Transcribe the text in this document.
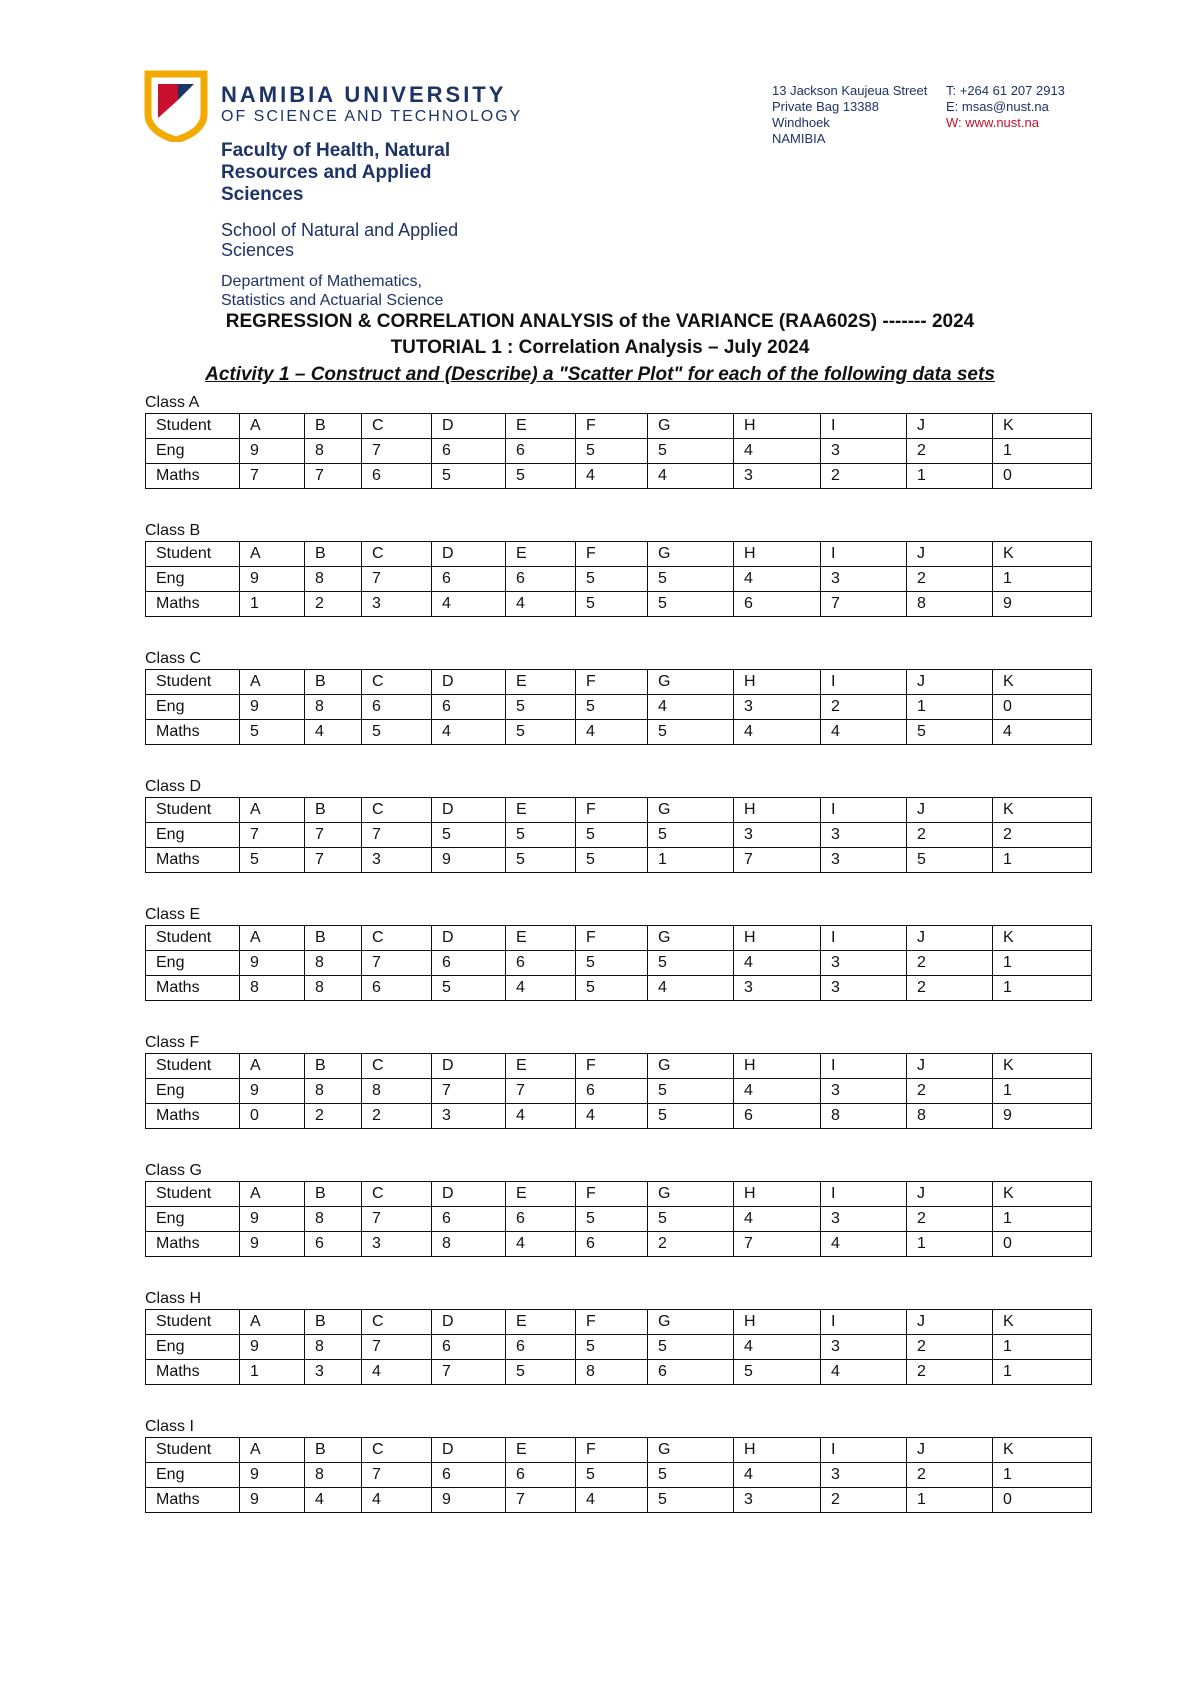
NAMIBIA UNIVERSITY
OF SCIENCE AND TECHNOLOGY
Faculty of Health, Natural Resources and Applied Sciences
School of Natural and Applied Sciences
Department of Mathematics, Statistics and Actuarial Science
13 Jackson Kaujeua Street
Private Bag 13388
Windhoek
NAMIBIA
T: +264 61 207 2913
E: msas@nust.na
W: www.nust.na
REGRESSION & CORRELATION ANALYSIS of the VARIANCE (RAA602S) ------- 2024
TUTORIAL 1 : Correlation Analysis – July 2024
Activity 1 – Construct and (Describe) a "Scatter Plot" for each of the following data sets
Class A
Student	A	B	C	D	E	F	G	H	I	J	K
Eng	9	8	7	6	6	5	5	4	3	2	1
Maths	7	7	6	5	5	4	4	3	2	1	0
Class B
Student	A	B	C	D	E	F	G	H	I	J	K
Eng	9	8	7	6	6	5	5	4	3	2	1
Maths	1	2	3	4	4	5	5	6	7	8	9
Class C
Student	A	B	C	D	E	F	G	H	I	J	K
Eng	9	8	6	6	5	5	4	3	2	1	0
Maths	5	4	5	4	5	4	5	4	4	5	4
Class D
Student	A	B	C	D	E	F	G	H	I	J	K
Eng	7	7	7	5	5	5	5	3	3	2	2
Maths	5	7	3	9	5	5	1	7	3	5	1
Class E
Student	A	B	C	D	E	F	G	H	I	J	K
Eng	9	8	7	6	6	5	5	4	3	2	1
Maths	8	8	6	5	4	5	4	3	3	2	1
Class F
Student	A	B	C	D	E	F	G	H	I	J	K
Eng	9	8	8	7	7	6	5	4	3	2	1
Maths	0	2	2	3	4	4	5	6	8	8	9
Class G
Student	A	B	C	D	E	F	G	H	I	J	K
Eng	9	8	7	6	6	5	5	4	3	2	1
Maths	9	6	3	8	4	6	2	7	4	1	0
Class H
Student	A	B	C	D	E	F	G	H	I	J	K
Eng	9	8	7	6	6	5	5	4	3	2	1
Maths	1	3	4	7	5	8	6	5	4	2	1
Class I
Student	A	B	C	D	E	F	G	H	I	J	K
Eng	9	8	7	6	6	5	5	4	3	2	1
Maths	9	4	4	9	7	4	5	3	2	1	0
